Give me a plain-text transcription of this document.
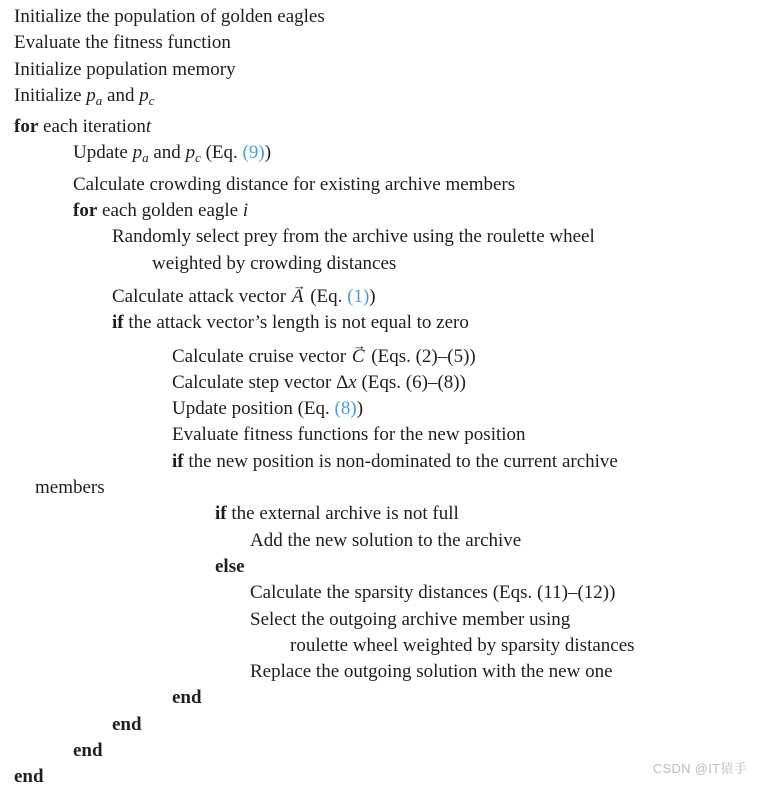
Initialize the population of golden eagles
Evaluate the fitness function
Initialize population memory
Initialize $p_a$ and $p_c$
for each iterationt
Update $p_a$ and $p_c$ (Eq. (9))
Calculate crowding distance for existing archive members
for each golden eagle i
Randomly select prey from the archive using the roulette wheel
weighted by crowding distances
Calculate attack vector A → (Eq. (1))
if the attack vector’s length is not equal to zero
Calculate cruise vector C → (Eqs. (2)–(5))
Calculate step vector Δx (Eqs. (6)–(8))
Update position (Eq. (8))
Evaluate fitness functions for the new position
if the new position is non-dominated to the current archive
members
if the external archive is not full
Add the new solution to the archive
else
Calculate the sparsity distances (Eqs. (11)–(12))
Select the outgoing archive member using
roulette wheel weighted by sparsity distances
Replace the outgoing solution with the new one
end
end
end
end	CSDN @IT猿手
